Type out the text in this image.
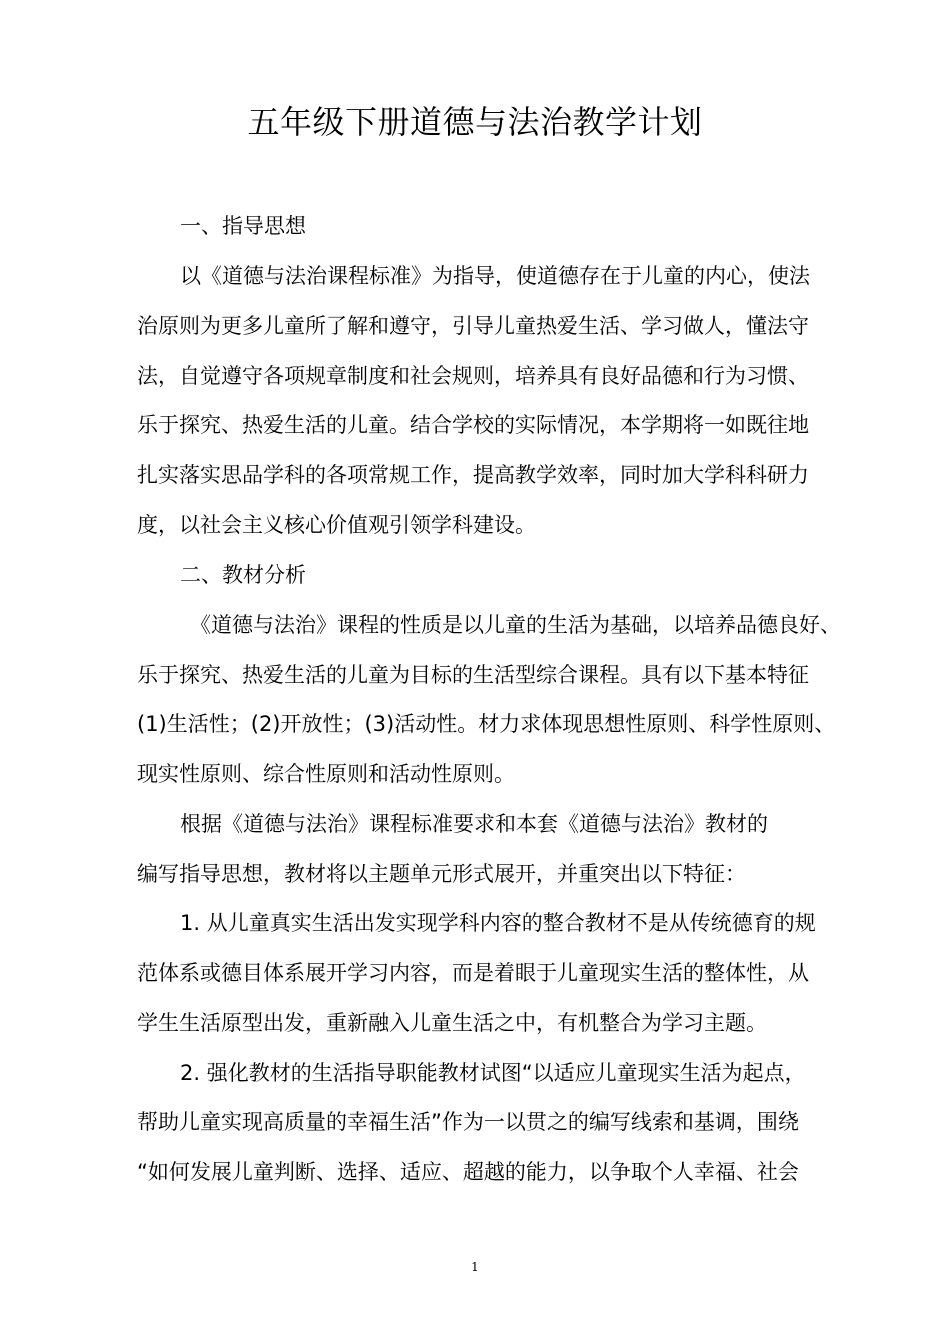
五年级下册道德与法治教学计划
一、指导思想
以《道德与法治课程标准》为指导，使道德存在于儿童的内心，使法
治原则为更多儿童所了解和遵守，引导儿童热爱生活、学习做人，懂法守
法，自觉遵守各项规章制度和社会规则，培养具有良好品德和行为习惯、
乐于探究、热爱生活的儿童。结合学校的实际情况，本学期将一如既往地
扎实落实思品学科的各项常规工作，提高教学效率，同时加大学科科研力
度，以社会主义核心价值观引领学科建设。
二、教材分析
《道德与法治》课程的性质是以儿童的生活为基础，以培养品德良好、
乐于探究、热爱生活的儿童为目标的生活型综合课程。具有以下基本特征
(1)生活性；(2)开放性；(3)活动性。材力求体现思想性原则、科学性原则、
现实性原则、综合性原则和活动性原则。
根据《道德与法治》课程标准要求和本套《道德与法治》教材的
编写指导思想，教材将以主题单元形式展开，并重突出以下特征：
1. 从儿童真实生活出发实现学科内容的整合教材不是从传统德育的规
范体系或德目体系展开学习内容，而是着眼于儿童现实生活的整体性，从
学生生活原型出发，重新融入儿童生活之中，有机整合为学习主题。
2. 强化教材的生活指导职能教材试图“以适应儿童现实生活为起点，
帮助儿童实现高质量的幸福生活”作为一以贯之的编写线索和基调，围绕
“如何发展儿童判断、选择、适应、超越的能力，以争取个人幸福、社会
1
